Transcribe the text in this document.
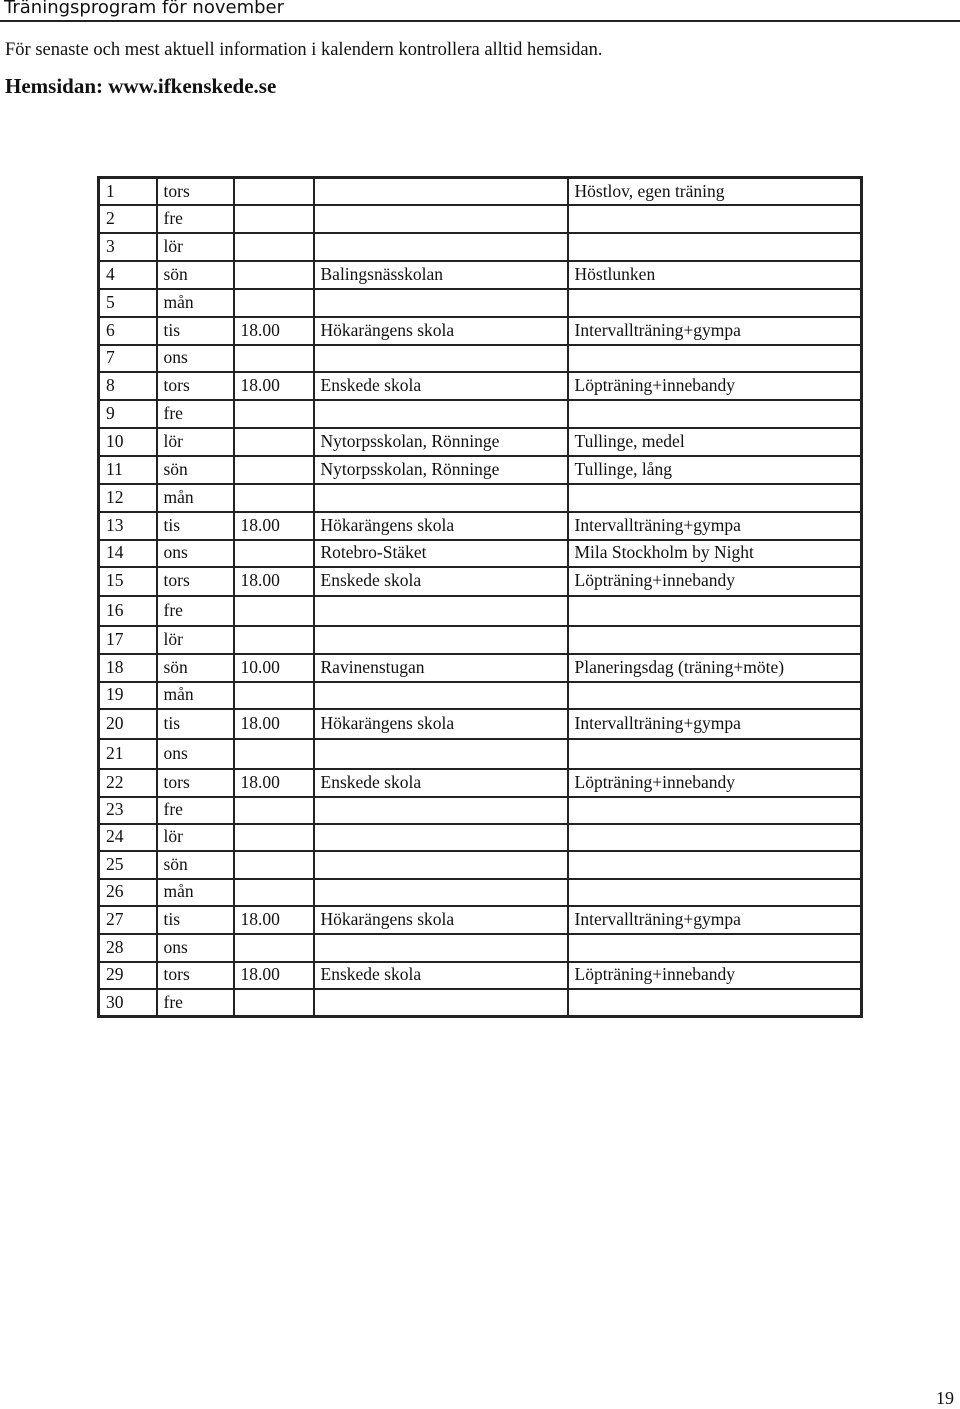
Träningsprogram för november
För senaste och mest aktuell information i kalendern kontrollera alltid hemsidan.
Hemsidan: www.ifkenskede.se
1	tors			Höstlov, egen träning
2	fre			
3	lör			
4	sön		Balingsnässkolan	Höstlunken
5	mån			
6	tis	18.00	Hökarängens skola	Intervallträning+gympa
7	ons			
8	tors	18.00	Enskede skola	Löpträning+innebandy
9	fre			
10	lör		Nytorpsskolan, Rönninge	Tullinge, medel
11	sön		Nytorpsskolan, Rönninge	Tullinge, lång
12	mån			
13	tis	18.00	Hökarängens skola	Intervallträning+gympa
14	ons		Rotebro-Stäket	Mila Stockholm by Night
15	tors	18.00	Enskede skola	Löpträning+innebandy
16	fre			
17	lör			
18	sön	10.00	Ravinenstugan	Planeringsdag (träning+möte)
19	mån			
20	tis	18.00	Hökarängens skola	Intervallträning+gympa
21	ons			
22	tors	18.00	Enskede skola	Löpträning+innebandy
23	fre			
24	lör			
25	sön			
26	mån			
27	tis	18.00	Hökarängens skola	Intervallträning+gympa
28	ons			
29	tors	18.00	Enskede skola	Löpträning+innebandy
30	fre			
19
